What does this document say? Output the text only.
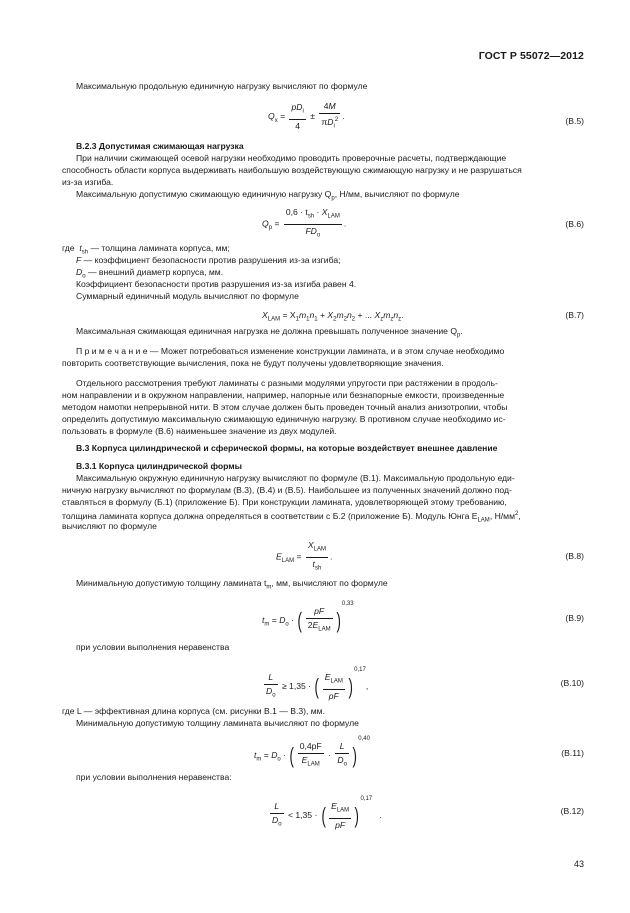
ГОСТ Р 55072—2012
Максимальную продольную единичную нагрузку вычисляют по формуле
$Q_x$ =
$pD_i$
4
±
4M
$\pi D_i^2$ .	(В.5)
В.2.3 Допустимая сжимающая нагрузка
При наличии сжимающей осевой нагрузки необходимо проводить проверочные расчеты, подтверждающие
способность области корпуса выдерживать наибольшую воздействующую сжимающую нагрузку и не разрушаться
из-за изгиба.
Максимальную допустимую сжимающую единичную нагрузку $Q_p$, Н/мм, вычисляют по формуле
$Q_p$ =
$0,6 \cdot t_{sh} \cdot X_{LAM}$
$FD_o$
.	(В.6)
где $t_{sh}$ — толщина ламината корпуса, мм;
F — коэффициент безопасности против разрушения из-за изгиба;
$D_o$ — внешний диаметр корпуса, мм.
Коэффициент безопасности против разрушения из-за изгиба равен 4.
Суммарный единичный модуль вычисляют по формуле
$X_{LAM} = X_1m_1n_1 + X_2m_2n_2$ + ... $X_zm_zn_z$.	(В.7)
Максимальная сжимающая единичная нагрузка не должна превышать полученное значение $Q_p$.
П р и м е ч а н и е — Может потребоваться изменение конструкции ламината, и в этом случае необходимо
повторить соответствующие вычисления, пока не будут получены удовлетворяющие значения.
Отдельного рассмотрения требуют ламинаты с разными модулями упругости при растяжении в продоль-
ном направлении и в окружном направлении, например, напорные или безнапорные емкости, произведенные
методом намотки непрерывной нити. В этом случае должен быть проведен точный анализ анизотропии, чтобы
определить допустимую максимальную сжимающую единичную нагрузку. В противном случае необходимо ис-
пользовать в формуле (В.6) наименьшее значение из двух модулей.
В.3 Корпуса цилиндрической и сферической формы, на которые воздействует внешнее давление
В.3.1 Корпуса цилиндрической формы
Максимальную окружную единичную нагрузку вычисляют по формуле (В.1). Максимальную продольную еди-
ничную нагрузку вычисляют по формулам (В.3), (В.4) и (В.5). Наибольшее из полученных значений должно под-
ставляться в формулу (Б.1) (приложение Б). При конструкции ламината, удовлетворяющей этому требованию,
толщина ламината корпуса должна определяться в соответствии с Б.2 (приложение Б). Модуль Юнга $E_{LAM}$, $Н/мм^2$,
вычисляют по формуле
$E_{LAM}$ =
$X_{LAM}$
$t_{sh}$
.	(В.8)
Минимальную допустимую толщину ламината $t_m$, мм, вычисляют по формуле
$t_m = D_o$ · (	pF
$2E_{LAM}$ )$^{0,33}$
(В.9)
при условии выполнения неравенства
$\frac{L}{D_o} \ge 1,35$ · ( $E_{LAM}$
pF )$^{0,17}$,	(В.10)
где L — эффективная длина корпуса (см. рисунки В.1 — В.3), мм.
Минимальную допустимую толщину ламината вычисляют по формуле
$t_m = D_o$ · ( 0,4pF
$E_{LAM}$
· $\frac{L}{D_o} )^{0,40}$
(В.11)
при условии выполнения неравенства:
$\frac{L}{D_o} < 1,35$ · ( $E_{LAM}$
pF )$^{0,17}$   .	(В.12)
43
